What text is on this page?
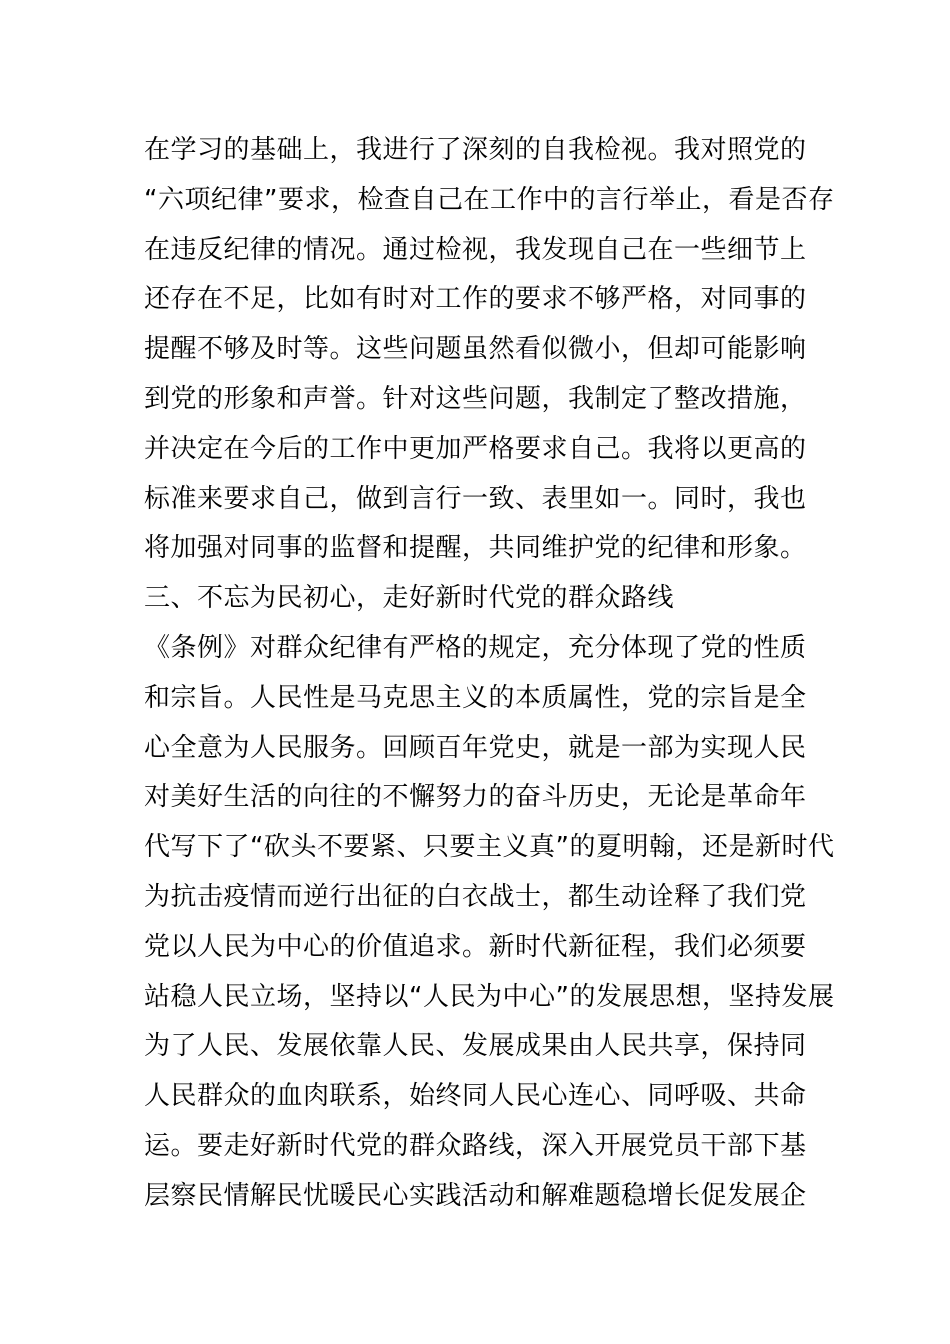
在学习的基础上，我进行了深刻的自我检视。我对照党的
“六项纪律”要求，检查自己在工作中的言行举止，看是否存
在违反纪律的情况。通过检视，我发现自己在一些细节上
还存在不足，比如有时对工作的要求不够严格，对同事的
提醒不够及时等。这些问题虽然看似微小，但却可能影响
到党的形象和声誉。针对这些问题，我制定了整改措施，
并决定在今后的工作中更加严格要求自己。我将以更高的
标准来要求自己，做到言行一致、表里如一。同时，我也
将加强对同事的监督和提醒，共同维护党的纪律和形象。
三、不忘为民初心，走好新时代党的群众路线
《条例》对群众纪律有严格的规定，充分体现了党的性质
和宗旨。人民性是马克思主义的本质属性，党的宗旨是全
心全意为人民服务。回顾百年党史，就是一部为实现人民
对美好生活的向往的不懈努力的奋斗历史，无论是革命年
代写下了“砍头不要紧、只要主义真”的夏明翰，还是新时代
为抗击疫情而逆行出征的白衣战士，都生动诠释了我们党
党以人民为中心的价值追求。新时代新征程，我们必须要
站稳人民立场，坚持以“人民为中心”的发展思想，坚持发展
为了人民、发展依靠人民、发展成果由人民共享，保持同
人民群众的血肉联系，始终同人民心连心、同呼吸、共命
运。要走好新时代党的群众路线，深入开展党员干部下基
层察民情解民忧暖民心实践活动和解难题稳增长促发展企
